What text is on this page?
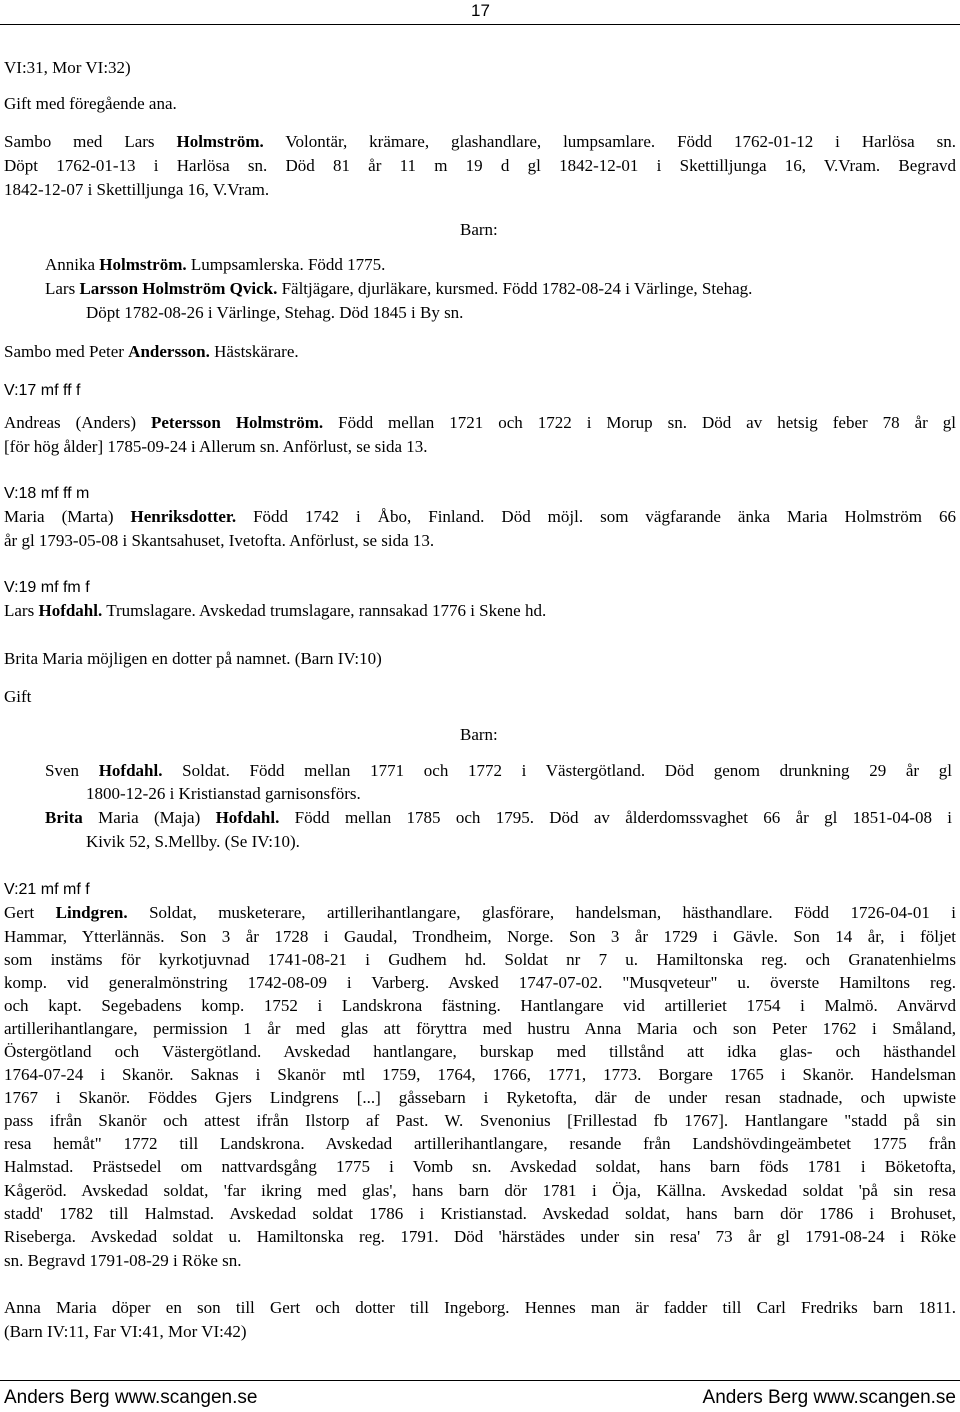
17
VI:31, Mor VI:32)
Gift med föregående ana.
Sambo med Lars Holmström. Volontär, krämare, glashandlare, lumpsamlare. Född 1762-01-12 i Harlösa sn.
Döpt 1762-01-13 i Harlösa sn. Död 81 år 11 m 19 d gl 1842-12-01 i Skettilljunga 16, V.Vram. Begravd
1842-12-07 i Skettilljunga 16, V.Vram.
Barn:
Annika Holmström. Lumpsamlerska. Född 1775.
Lars Larsson Holmström Qvick. Fältjägare, djurläkare, kursmed. Född 1782-08-24 i Värlinge, Stehag.
Döpt 1782-08-26 i Värlinge, Stehag. Död 1845 i By sn.
Sambo med Peter Andersson. Hästskärare.
V:17 mf ff f
Andreas (Anders) Petersson Holmström. Född mellan 1721 och 1722 i Morup sn. Död av hetsig feber 78 år gl
[för hög ålder] 1785-09-24 i Allerum sn. Anförlust, se sida 13.
V:18 mf ff m
Maria (Marta) Henriksdotter. Född 1742 i Åbo, Finland. Död möjl. som vägfarande änka Maria Holmström 66
år gl 1793-05-08 i Skantsahuset, Ivetofta. Anförlust, se sida 13.
V:19 mf fm f
Lars Hofdahl. Trumslagare. Avskedad trumslagare, rannsakad 1776 i Skene hd.
Brita Maria möjligen en dotter på namnet. (Barn IV:10)
Gift
Barn:
Sven Hofdahl. Soldat. Född mellan 1771 och 1772 i Västergötland. Död genom drunkning 29 år gl
1800-12-26 i Kristianstad garnisonsförs.
Brita Maria (Maja) Hofdahl. Född mellan 1785 och 1795. Död av ålderdomssvaghet 66 år gl 1851-04-08 i
Kivik 52, S.Mellby. (Se IV:10).
V:21 mf mf f
Gert Lindgren. Soldat, musketerare, artillerihantlangare, glasförare, handelsman, hästhandlare. Född 1726-04-01 i
Hammar, Ytterlännäs. Son 3 år 1728 i Gaudal, Trondheim, Norge. Son 3 år 1729 i Gävle. Son 14 år, i följet
som instäms för kyrkotjuvnad 1741-08-21 i Gudhem hd. Soldat nr 7 u. Hamiltonska reg. och Granatenhielms
komp. vid generalmönstring 1742-08-09 i Varberg. Avsked 1747-07-02. "Musqveteur" u. överste Hamiltons reg.
och kapt. Segebadens komp. 1752 i Landskrona fästning. Hantlangare vid artilleriet 1754 i Malmö. Anvärvd
artillerihantlangare, permission 1 år med glas att föryttra med hustru Anna Maria och son Peter 1762 i Småland,
Östergötland och Västergötland. Avskedad hantlangare, burskap med tillstånd att idka glas- och hästhandel
1764-07-24 i Skanör. Saknas i Skanör mtl 1759, 1764, 1766, 1771, 1773. Borgare 1765 i Skanör. Handelsman
1767 i Skanör. Föddes Gjers Lindgrens [...] gåssebarn i Ryketofta, där de under resan stadnade, och upwiste
pass ifrån Skanör och attest ifrån Ilstorp af Past. W. Svenonius [Frillestad fb 1767]. Hantlangare "stadd på sin
resa hemåt" 1772 till Landskrona. Avskedad artillerihantlangare, resande från Landshövdingeämbetet 1775 från
Halmstad. Prästsedel om nattvardsgång 1775 i Vomb sn. Avskedad soldat, hans barn föds 1781 i Böketofta,
Kågeröd. Avskedad soldat, 'far ikring med glas', hans barn dör 1781 i Öja, Källna. Avskedad soldat 'på sin resa
stadd' 1782 till Halmstad. Avskedad soldat 1786 i Kristianstad. Avskedad soldat, hans barn dör 1786 i Brohuset,
Riseberga. Avskedad soldat u. Hamiltonska reg. 1791. Död 'härstädes under sin resa' 73 år gl 1791-08-24 i Röke
sn. Begravd 1791-08-29 i Röke sn.
Anna Maria döper en son till Gert och dotter till Ingeborg. Hennes man är fadder till Carl Fredriks barn 1811.
(Barn IV:11, Far VI:41, Mor VI:42)
Anders Berg www.scangen.se	Anders Berg www.scangen.se
